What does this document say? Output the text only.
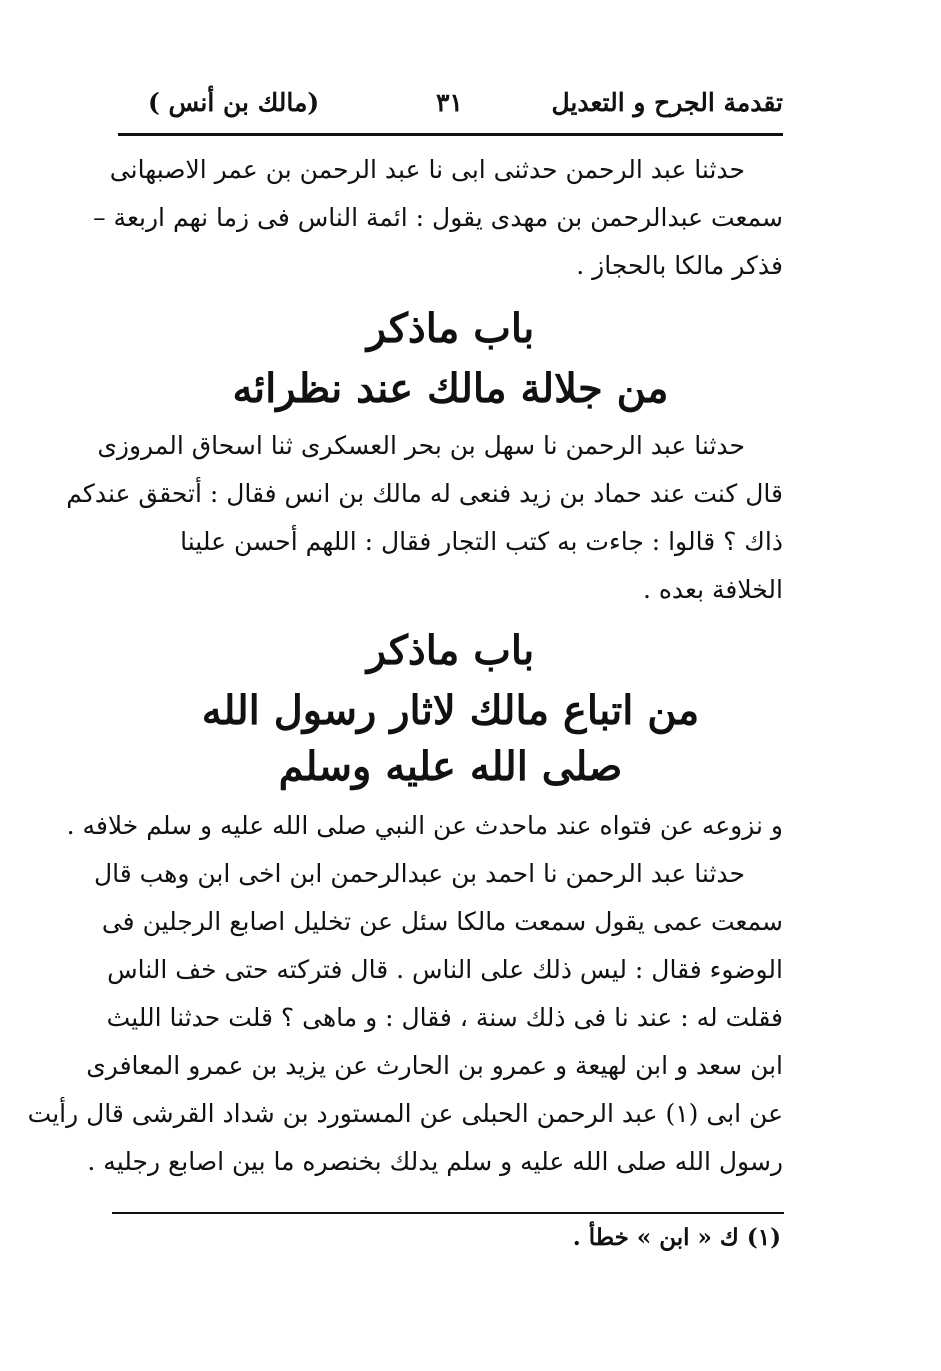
تقدمة الجرح و التعديل
٣١
(مالك بن أنس )
حدثنا عبد الرحمن حدثنى ابى نا عبد الرحمن بن عمر الاصبهانى
سمعت عبدالرحمن بن مهدى يقول : ائمة الناس فى زما نهم اربعة –
فذكر مالكا بالحجاز .
باب ماذكر
من جلالة مالك عند نظرائه
حدثنا عبد الرحمن نا سهل بن بحر العسكرى ثنا اسحاق المروزى
قال كنت عند حماد بن زيد فنعى له مالك بن انس فقال : أتحقق عندكم
ذاك ؟ قالوا : جاءت به كتب التجار فقال : اللهم أحسن علينا
الخلافة بعده .
باب ماذكر
من اتباع مالك لاثار رسول الله
صلى الله عليه وسلم
و نزوعه عن فتواه عند ماحدث عن النبي صلى الله عليه و سلم خلافه .
حدثنا عبد الرحمن نا احمد بن عبدالرحمن ابن اخى ابن وهب قال
سمعت عمى يقول سمعت مالكا سئل عن تخليل اصابع الرجلين فى
الوضوء فقال : ليس ذلك على الناس . قال فتركته حتى خف الناس
فقلت له : عند نا فى ذلك سنة ، فقال : و ماهى ؟ قلت حدثنا الليث
ابن سعد و ابن لهيعة و عمرو بن الحارث عن يزيد بن عمرو المعافرى
عن ابى (١) عبد الرحمن الحبلى عن المستورد بن شداد القرشى قال رأيت
رسول الله صلى الله عليه و سلم يدلك بخنصره ما بين اصابع رجليه .
(١) ك « ابن » خطأ .
